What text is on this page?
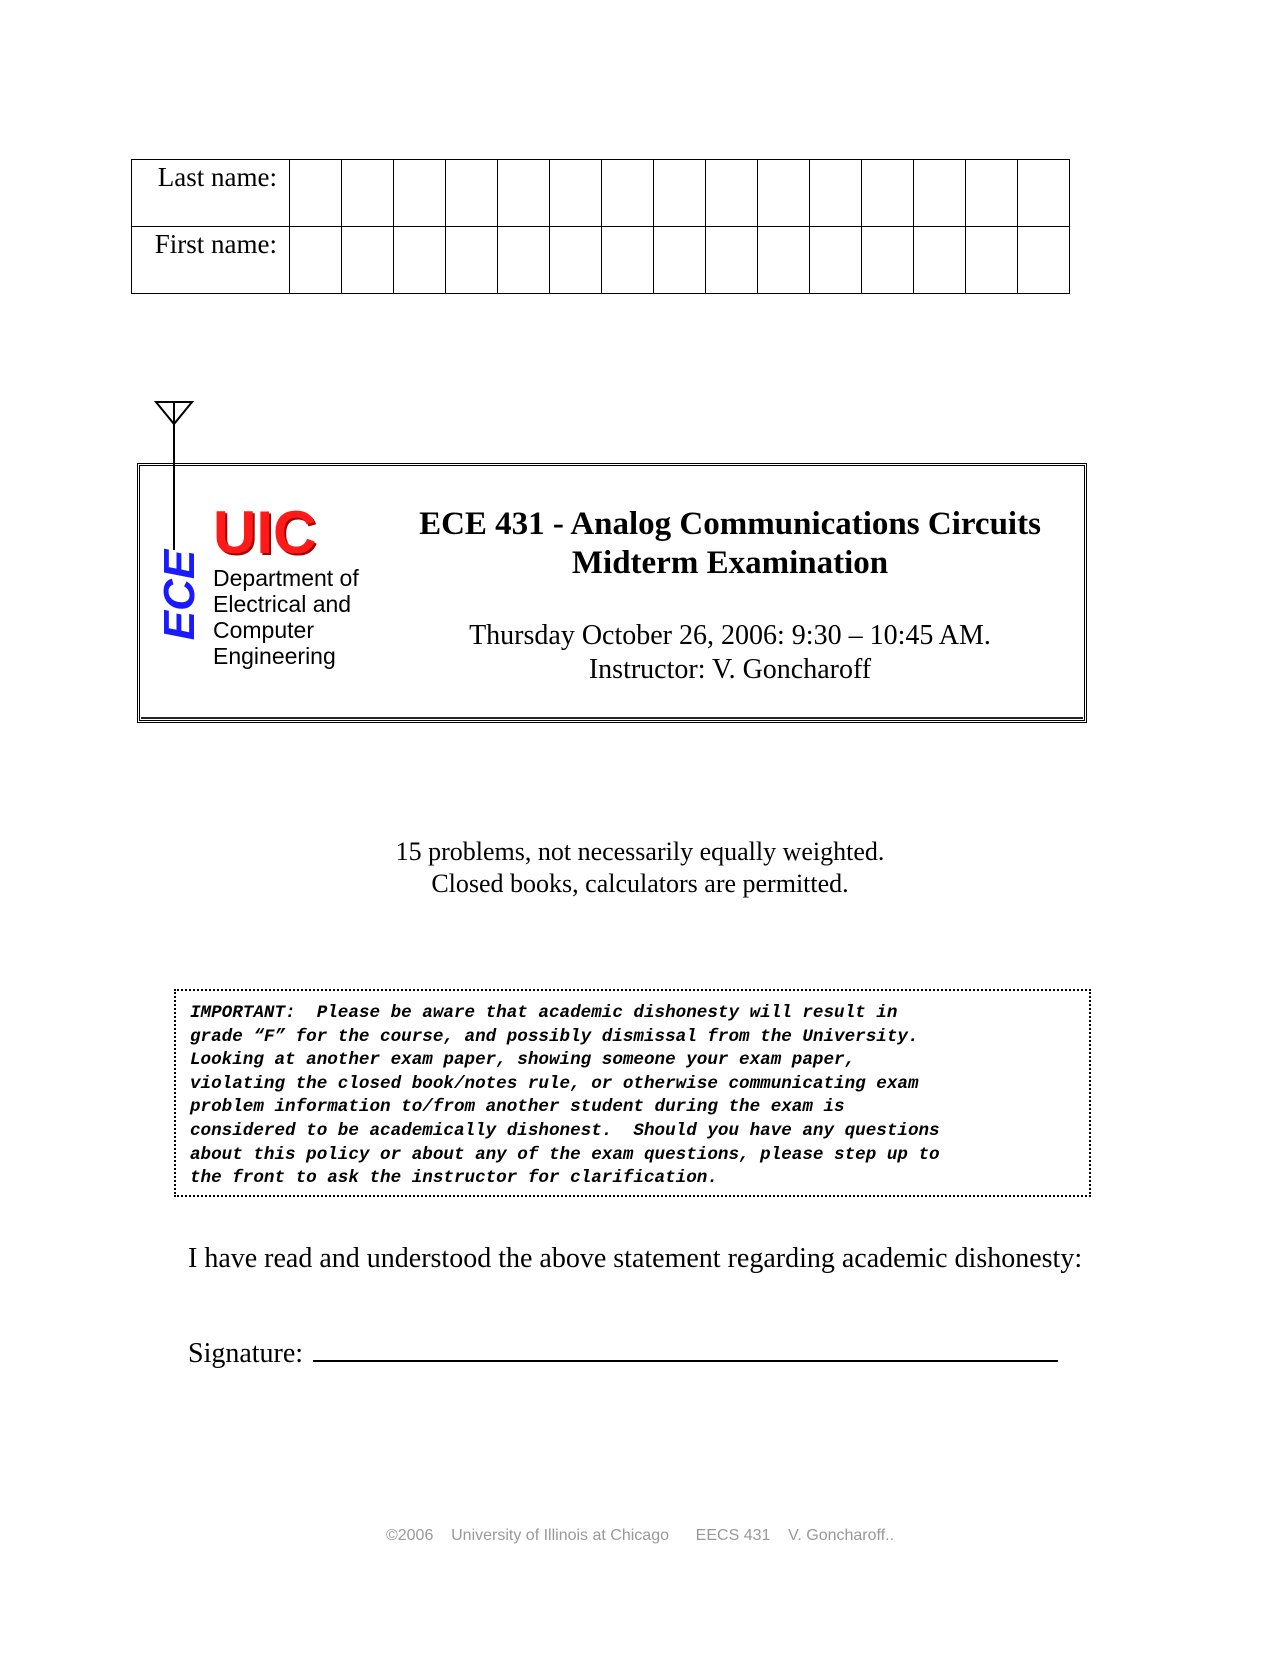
Last name:															
First name:															
ECE
UIC
Department of
Electrical and
Computer
Engineering
ECE 431 - Analog Communications Circuits
Midterm Examination
Thursday October 26, 2006: 9:30 – 10:45 AM.
Instructor: V. Goncharoff
15 problems, not necessarily equally weighted.
Closed books, calculators are permitted.
IMPORTANT:  Please be aware that academic dishonesty will result in
grade “F” for the course, and possibly dismissal from the University.
Looking at another exam paper, showing someone your exam paper,
violating the closed book/notes rule, or otherwise communicating exam
problem information to/from another student during the exam is
considered to be academically dishonest.  Should you have any questions
about this policy or about any of the exam questions, please step up to
the front to ask the instructor for clarification.
I have read and understood the above statement regarding academic dishonesty:
Signature:
©2006 University of Illinois at Chicago EECS 431 V. Goncharoff..
